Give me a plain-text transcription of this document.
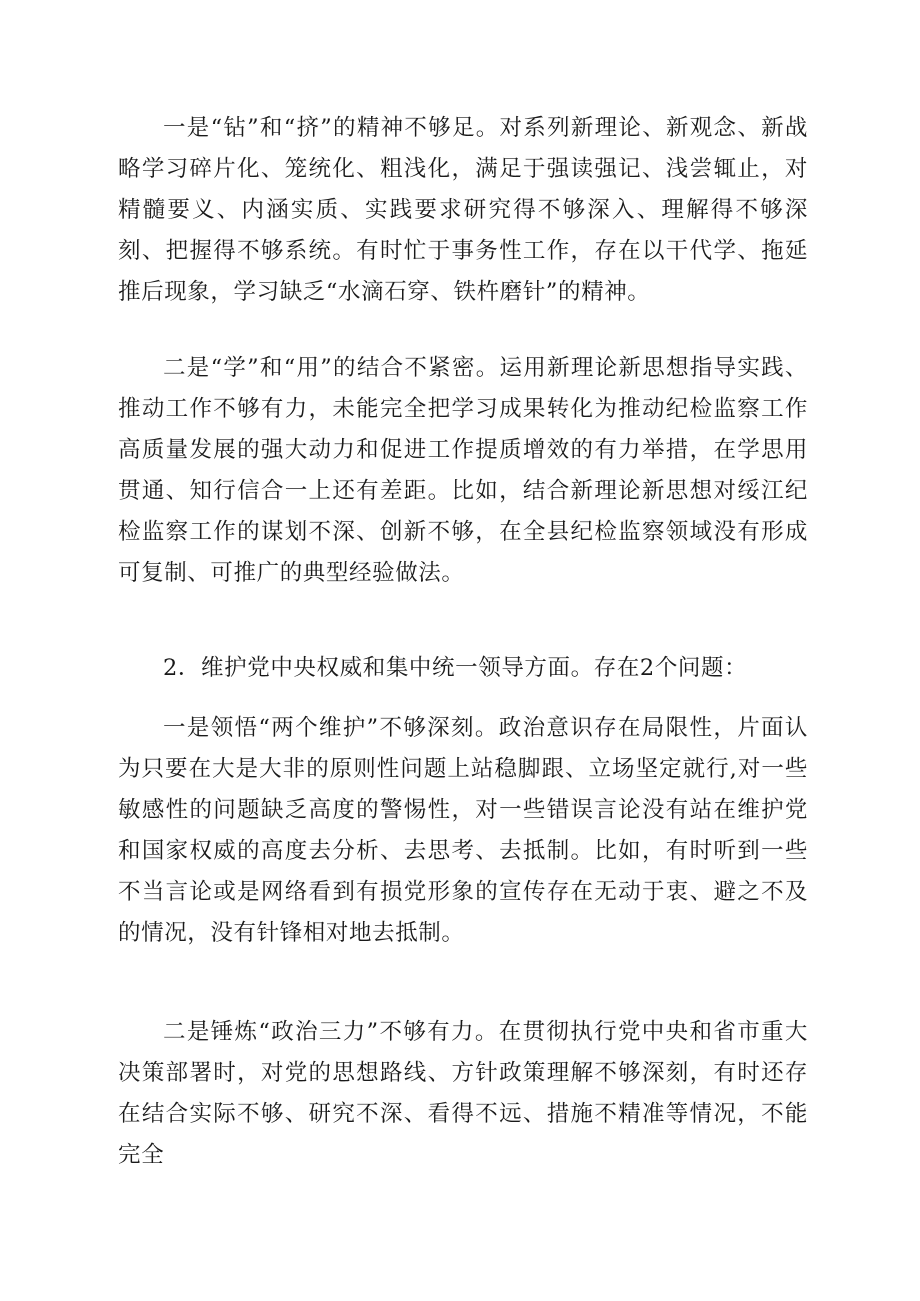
一是“钻”和“挤”的精神不够足。对系列新理论、新观念、新战略学习碎片化、笼统化、粗浅化，满足于强读强记、浅尝辄止，对精髓要义、内涵实质、实践要求研究得不够深入、理解得不够深刻、把握得不够系统。有时忙于事务性工作，存在以干代学、拖延推后现象，学习缺乏“水滴石穿、铁杵磨针”的精神。

二是“学”和“用”的结合不紧密。运用新理论新思想指导实践、推动工作不够有力，未能完全把学习成果转化为推动纪检监察工作高质量发展的强大动力和促进工作提质增效的有力举措，在学思用贯通、知行信合一上还有差距。比如，结合新理论新思想对绥江纪检监察工作的谋划不深、创新不够，在全县纪检监察领域没有形成可复制、可推广的典型经验做法。

2．维护党中央权威和集中统一领导方面。存在2个问题：

一是领悟“两个维护”不够深刻。政治意识存在局限性，片面认为只要在大是大非的原则性问题上站稳脚跟、立场坚定就行,对一些敏感性的问题缺乏高度的警惕性，对一些错误言论没有站在维护党和国家权威的高度去分析、去思考、去抵制。比如，有时听到一些不当言论或是网络看到有损党形象的宣传存在无动于衷、避之不及的情况，没有针锋相对地去抵制。

二是锤炼“政治三力”不够有力。在贯彻执行党中央和省市重大决策部署时，对党的思想路线、方针政策理解不够深刻，有时还存在结合实际不够、研究不深、看得不远、措施不精准等情况，不能完全
